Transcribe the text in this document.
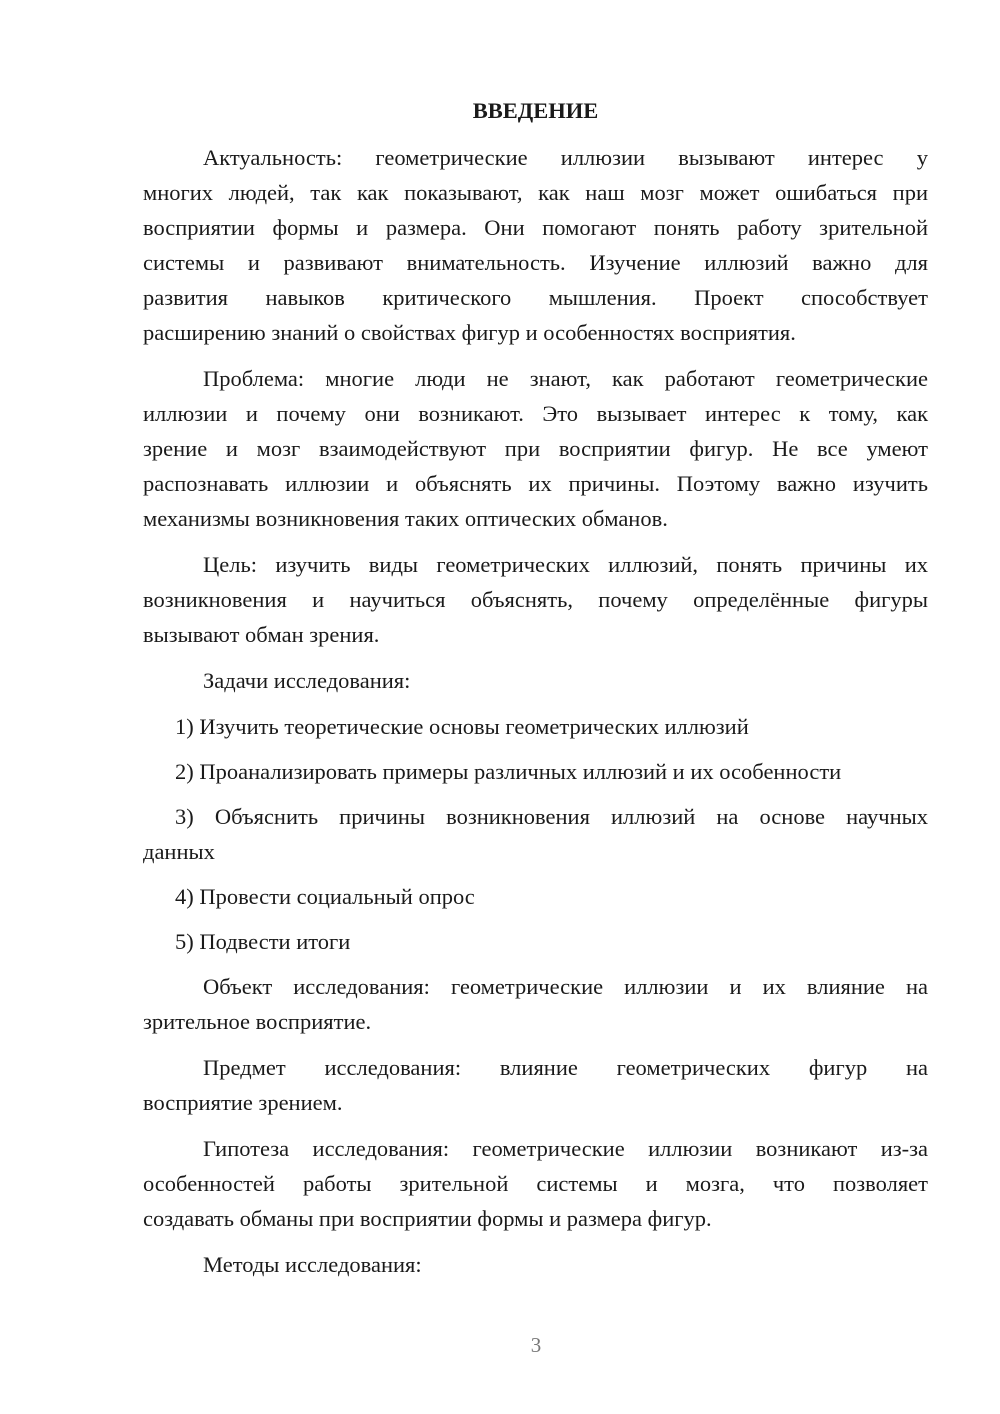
ВВЕДЕНИЕ
Актуальность: геометрические иллюзии вызывают интерес у
многих людей, так как показывают, как наш мозг может ошибаться при
восприятии формы и размера. Они помогают понять работу зрительной
системы и развивают внимательность. Изучение иллюзий важно для
развития навыков критического мышления. Проект способствует
расширению знаний о свойствах фигур и особенностях восприятия.
Проблема: многие люди не знают, как работают геометрические
иллюзии и почему они возникают. Это вызывает интерес к тому, как
зрение и мозг взаимодействуют при восприятии фигур. Не все умеют
распознавать иллюзии и объяснять их причины. Поэтому важно изучить
механизмы возникновения таких оптических обманов.
Цель: изучить виды геометрических иллюзий, понять причины их
возникновения и научиться объяснять, почему определённые фигуры
вызывают обман зрения.
Задачи исследования:
1) Изучить теоретические основы геометрических иллюзий
2) Проанализировать примеры различных иллюзий и их особенности
3) Объяснить причины возникновения иллюзий на основе научных
данных
4) Провести социальный опрос
5) Подвести итоги
Объект исследования: геометрические иллюзии и их влияние на
зрительное восприятие.
Предмет исследования: влияние геометрических фигур на
восприятие зрением.
Гипотеза исследования: геометрические иллюзии возникают из-за
особенностей работы зрительной системы и мозга, что позволяет
создавать обманы при восприятии формы и размера фигур.
Методы исследования:
3
